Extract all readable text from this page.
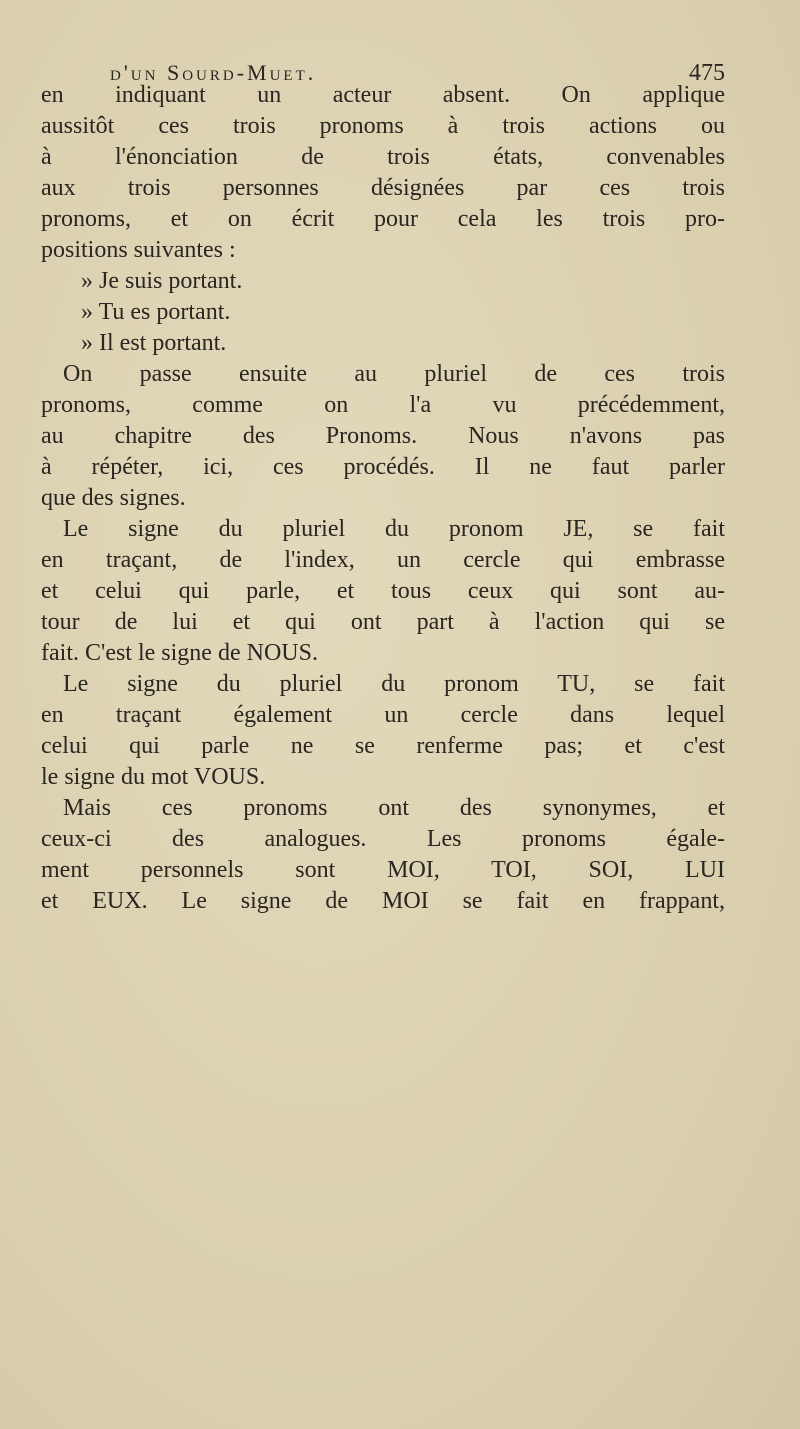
d'un Sourd-Muet.	475
en indiquant un acteur absent. On applique
aussitôt ces trois pronoms à trois actions ou
à l'énonciation de trois états, convenables
aux trois personnes désignées par ces trois
pronoms, et on écrit pour cela les trois pro-
positions suivantes :
» Je suis portant.
» Tu es portant.
» Il est portant.
On passe ensuite au pluriel de ces trois
pronoms, comme on l'a vu précédemment,
au chapitre des Pronoms. Nous n'avons pas
à répéter, ici, ces procédés. Il ne faut parler
que des signes.
Le signe du pluriel du pronom JE, se fait
en traçant, de l'index, un cercle qui embrasse
et celui qui parle, et tous ceux qui sont au-
tour de lui et qui ont part à l'action qui se
fait. C'est le signe de NOUS.
Le signe du pluriel du pronom TU, se fait
en traçant également un cercle dans lequel
celui qui parle ne se renferme pas; et c'est
le signe du mot VOUS.
Mais ces pronoms ont des synonymes, et
ceux-ci des analogues. Les pronoms égale-
ment personnels sont MOI, TOI, SOI, LUI
et EUX. Le signe de MOI se fait en frappant,
